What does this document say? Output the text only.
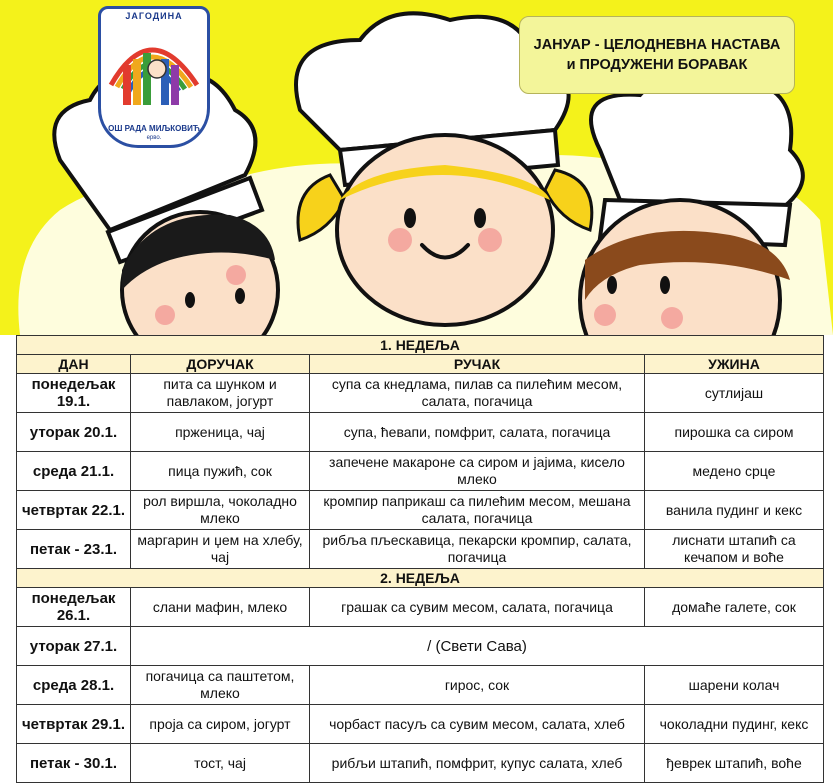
ЈАГОДИНА
ОШ РАДА МИЉКОВИЋ
ерво.
ЈАНУАР - ЦЕЛОДНЕВНА НАСТАВА и ПРОДУЖЕНИ БОРАВАК
1. НЕДЕЉА			
ДАН	ДОРУЧАК	РУЧАК	УЖИНА
понедељак 19.1.	пита са шунком и павлаком, јогурт	супа са кнедлама, пилав са пилећим месом, салата, погачица	сутлијаш
уторак 20.1.	прженица, чај	супа, ћевапи, помфрит, салата, погачица	пирошка са сиром
среда 21.1.	пица пужић, сок	запечене макароне са сиром и јајима, кисело млеко	медено срце
четвртак 22.1.	рол виршла, чоколадно млеко	кромпир паприкаш са пилећим месом, мешана салата, погачица	ванила пудинг и кекс
петак - 23.1.	маргарин и џем на хлебу, чај	рибља пљескавица, пекарски кромпир, салата, погачица	лиснати штапић са кечапом и воће
2. НЕДЕЉА			
понедељак 26.1.	слани мафин, млеко	грашак са сувим месом, салата, погачица	домаће галете, сок
уторак 27.1.	/ (Свети Сава)		
среда 28.1.	погачица са паштетом, млеко	гирос, сок	шарени колач
четвртак 29.1.	проја са сиром, јогурт	чорбаст пасуљ са сувим месом, салата, хлеб	чоколадни пудинг, кекс
петак - 30.1.	тост, чај	рибљи штапић, помфрит, купус салата, хлеб	ђеврек штапић, воће
